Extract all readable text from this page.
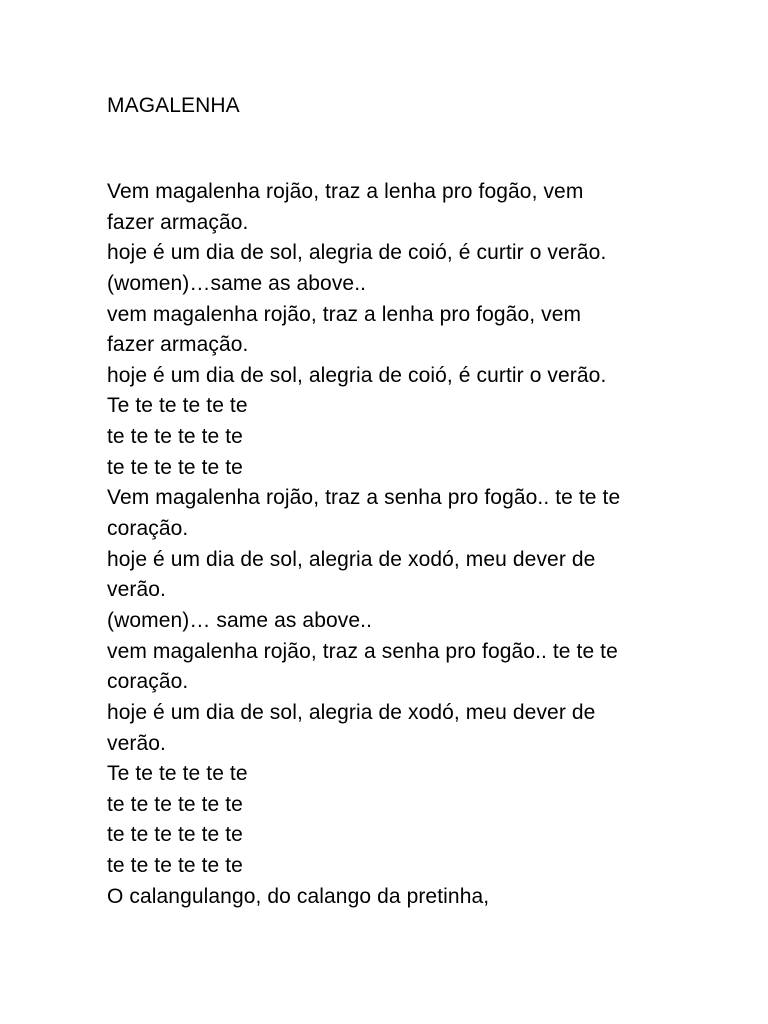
MAGALENHA
Vem magalenha rojão, traz a lenha pro fogão, vem
fazer armação.
hoje é um dia de sol, alegria de coió, é curtir o verão.
(women)…same as above..
vem magalenha rojão, traz a lenha pro fogão, vem
fazer armação.
hoje é um dia de sol, alegria de coió, é curtir o verão.
Te te te te te te
te te te te te te
te te te te te te
Vem magalenha rojão, traz a senha pro fogão.. te te te
coração.
hoje é um dia de sol, alegria de xodó, meu dever de
verão.
(women)… same as above..
vem magalenha rojão, traz a senha pro fogão.. te te te
coração.
hoje é um dia de sol, alegria de xodó, meu dever de
verão.
Te te te te te te
te te te te te te
te te te te te te
te te te te te te
O calangulango, do calango da pretinha,
